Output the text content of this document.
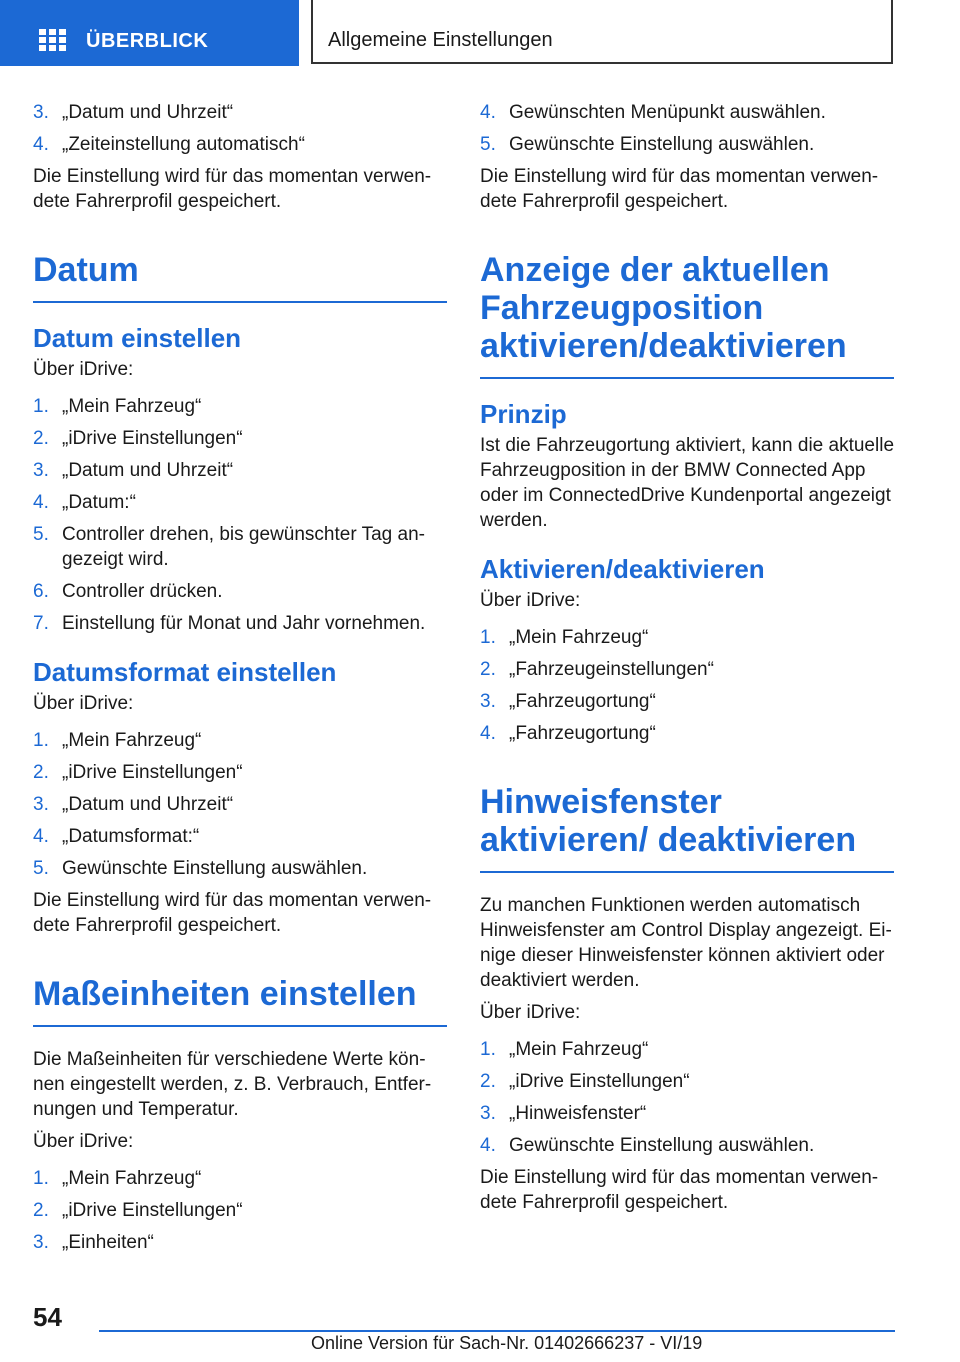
ÜBERBLICK	Allgemeine Einstellungen
3. „Datum und Uhrzeit“
4. „Zeiteinstellung automatisch“

Die Einstellung wird für das momentan verwendete Fahrerprofil gespeichert.

Datum
Datum einstellen

Über iDrive:

1. „Mein Fahrzeug“
2. „iDrive Einstellungen“
3. „Datum und Uhrzeit“
4. „Datum:“
5. Controller drehen, bis gewünschter Tag angezeigt wird.
6. Controller drücken.
7. Einstellung für Monat und Jahr vornehmen.
Datumsformat einstellen

Über iDrive:

1. „Mein Fahrzeug“
2. „iDrive Einstellungen“
3. „Datum und Uhrzeit“
4. „Datumsformat:“
5. Gewünschte Einstellung auswählen.

Die Einstellung wird für das momentan verwendete Fahrerprofil gespeichert.

Maßeinheiten einstellen

Die Maßeinheiten für verschiedene Werte können eingestellt werden, z. B. Verbrauch, Entfernungen und Temperatur.

Über iDrive:

1. „Mein Fahrzeug“
2. „iDrive Einstellungen“
3. „Einheiten“
4. Gewünschten Menüpunkt auswählen.
5. Gewünschte Einstellung auswählen.

Die Einstellung wird für das momentan verwendete Fahrerprofil gespeichert.

Anzeige der aktuellen Fahrzeugposition aktivieren/deaktivieren
Prinzip

Ist die Fahrzeugortung aktiviert, kann die aktuelle Fahrzeugposition in der BMW Connected App oder im ConnectedDrive Kundenportal angezeigt werden.

Aktivieren/deaktivieren

Über iDrive:

1. „Mein Fahrzeug“
2. „Fahrzeugeinstellungen“
3. „Fahrzeugortung“
4. „Fahrzeugortung“
Hinweisfenster aktivieren/ deaktivieren

Zu manchen Funktionen werden automatisch Hinweisfenster am Control Display angezeigt. Einige dieser Hinweisfenster können aktiviert oder deaktiviert werden.

Über iDrive:

1. „Mein Fahrzeug“
2. „iDrive Einstellungen“
3. „Hinweisfenster“
4. Gewünschte Einstellung auswählen.

Die Einstellung wird für das momentan verwendete Fahrerprofil gespeichert.

54
Online Version für Sach-Nr. 01402666237 - VI/19
